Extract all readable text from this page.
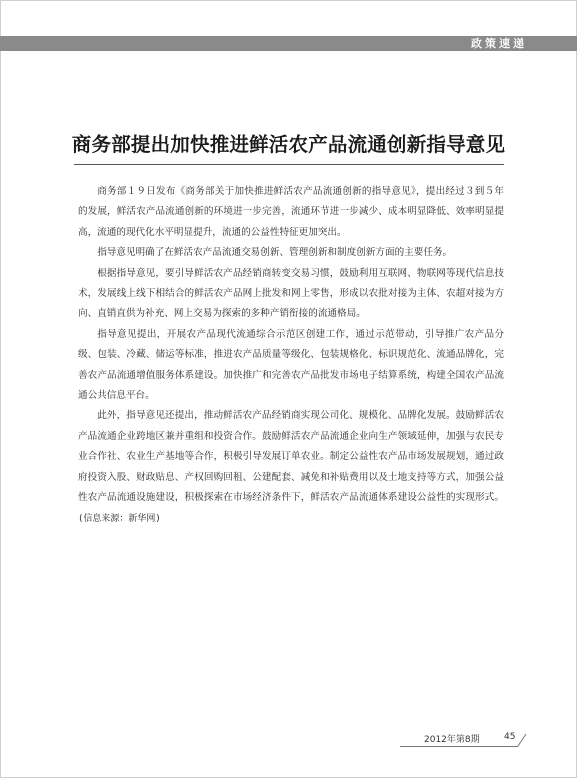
政策速递
商务部提出加快推进鲜活农产品流通创新指导意见

商务部１９日发布《商务部关于加快推进鲜活农产品流通创新的指导意见》，提出经过３到５年的发展，鲜活农产品流通创新的环境进一步完善，流通环节进一步减少、成本明显降低、效率明显提高，流通的现代化水平明显提升，流通的公益性特征更加突出。

指导意见明确了在鲜活农产品流通交易创新、管理创新和制度创新方面的主要任务。

根据指导意见，要引导鲜活农产品经销商转变交易习惯，鼓励利用互联网、物联网等现代信息技术，发展线上线下相结合的鲜活农产品网上批发和网上零售，形成以农批对接为主体、农超对接为方向、直销直供为补充、网上交易为探索的多种产销衔接的流通格局。

指导意见提出，开展农产品现代流通综合示范区创建工作，通过示范带动，引导推广农产品分级、包装、冷藏、储运等标准，推进农产品质量等级化、包装规格化、标识规范化、流通品牌化，完善农产品流通增值服务体系建设。加快推广和完善农产品批发市场电子结算系统，构建全国农产品流通公共信息平台。

此外，指导意见还提出，推动鲜活农产品经销商实现公司化、规模化、品牌化发展。鼓励鲜活农产品流通企业跨地区兼并重组和投资合作。鼓励鲜活农产品流通企业向生产领域延伸，加强与农民专业合作社、农业生产基地等合作，积极引导发展订单农业。制定公益性农产品市场发展规划，通过政府投资入股、财政贴息、产权回购回租、公建配套、减免和补贴费用以及土地支持等方式，加强公益性农产品流通设施建设，积极探索在市场经济条件下，鲜活农产品流通体系建设公益性的实现形式。(信息来源：新华网)

2012年第8期	45
